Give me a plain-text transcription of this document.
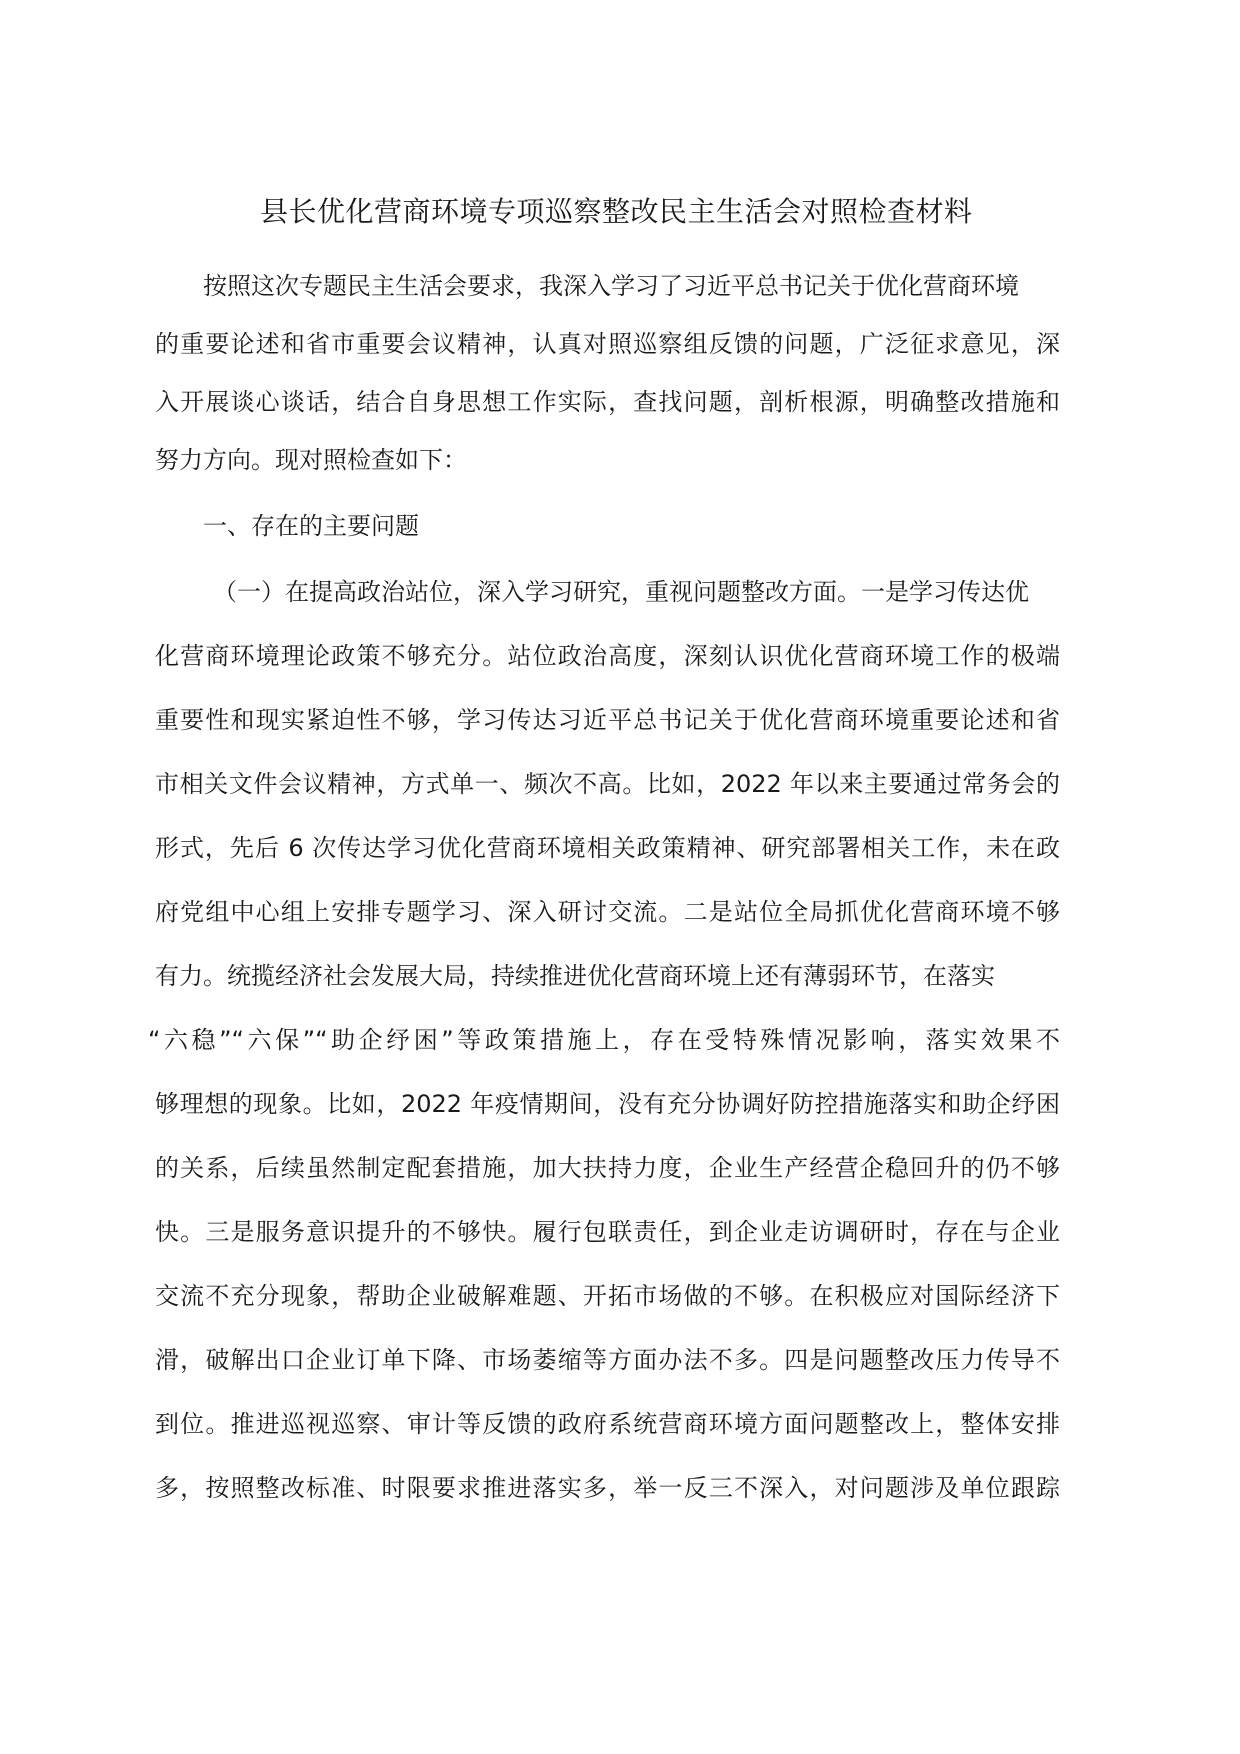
县长优化营商环境专项巡察整改民主生活会对照检查材料

按照这次专题民主生活会要求，我深入学习了习近平总书记关于优化营商环境

的重要论述和省市重要会议精神，认真对照巡察组反馈的问题，广泛征求意见，深

入开展谈心谈话，结合自身思想工作实际，查找问题，剖析根源，明确整改措施和

努力方向。现对照检查如下：

一、存在的主要问题

（一）在提高政治站位，深入学习研究，重视问题整改方面。一是学习传达优

化营商环境理论政策不够充分。站位政治高度，深刻认识优化营商环境工作的极端

重要性和现实紧迫性不够，学习传达习近平总书记关于优化营商环境重要论述和省

市相关文件会议精神，方式单一、频次不高。比如，2022 年以来主要通过常务会的

形式，先后 6 次传达学习优化营商环境相关政策精神、研究部署相关工作，未在政

府党组中心组上安排专题学习、深入研讨交流。二是站位全局抓优化营商环境不够

有力。统揽经济社会发展大局，持续推进优化营商环境上还有薄弱环节，在落实

“六稳”“六保”“助企纾困”等政策措施上，存在受特殊情况影响，落实效果不

够理想的现象。比如，2022 年疫情期间，没有充分协调好防控措施落实和助企纾困

的关系，后续虽然制定配套措施，加大扶持力度，企业生产经营企稳回升的仍不够

快。三是服务意识提升的不够快。履行包联责任，到企业走访调研时，存在与企业

交流不充分现象，帮助企业破解难题、开拓市场做的不够。在积极应对国际经济下

滑，破解出口企业订单下降、市场萎缩等方面办法不多。四是问题整改压力传导不

到位。推进巡视巡察、审计等反馈的政府系统营商环境方面问题整改上，整体安排

多，按照整改标准、时限要求推进落实多，举一反三不深入，对问题涉及单位跟踪
